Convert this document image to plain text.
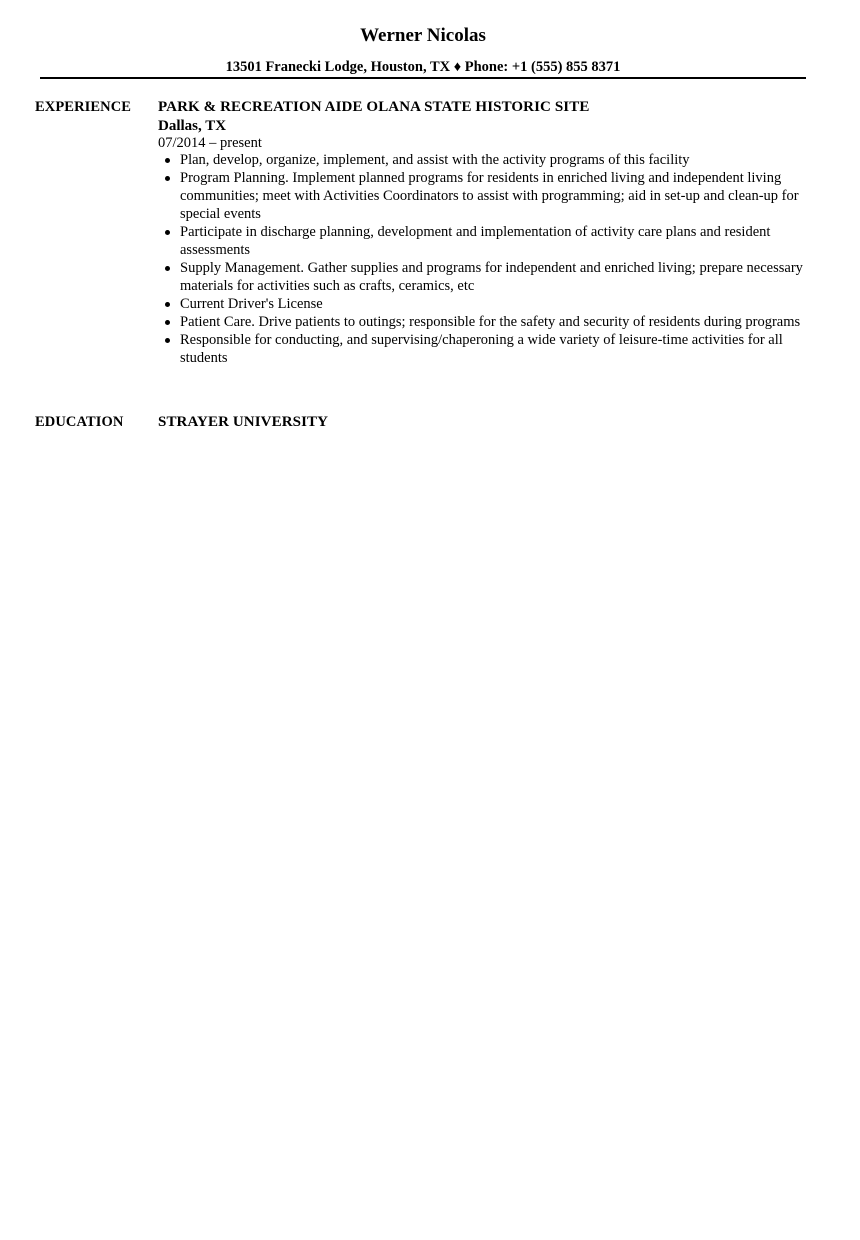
Werner Nicolas
13501 Franecki Lodge, Houston, TX ♦ Phone: +1 (555) 855 8371
EXPERIENCE PARK & RECREATION AIDE OLANA STATE HISTORIC SITE
Dallas, TX
07/2014 – present
Plan, develop, organize, implement, and assist with the activity programs of this facility
Program Planning. Implement planned programs for residents in enriched living and independent living communities; meet with Activities Coordinators to assist with programming; aid in set-up and clean-up for special events
Participate in discharge planning, development and implementation of activity care plans and resident assessments
Supply Management. Gather supplies and programs for independent and enriched living; prepare necessary materials for activities such as crafts, ceramics, etc
Current Driver's License
Patient Care. Drive patients to outings; responsible for the safety and security of residents during programs
Responsible for conducting, and supervising/chaperoning a wide variety of leisure-time activities for all students
EDUCATION STRAYER UNIVERSITY
